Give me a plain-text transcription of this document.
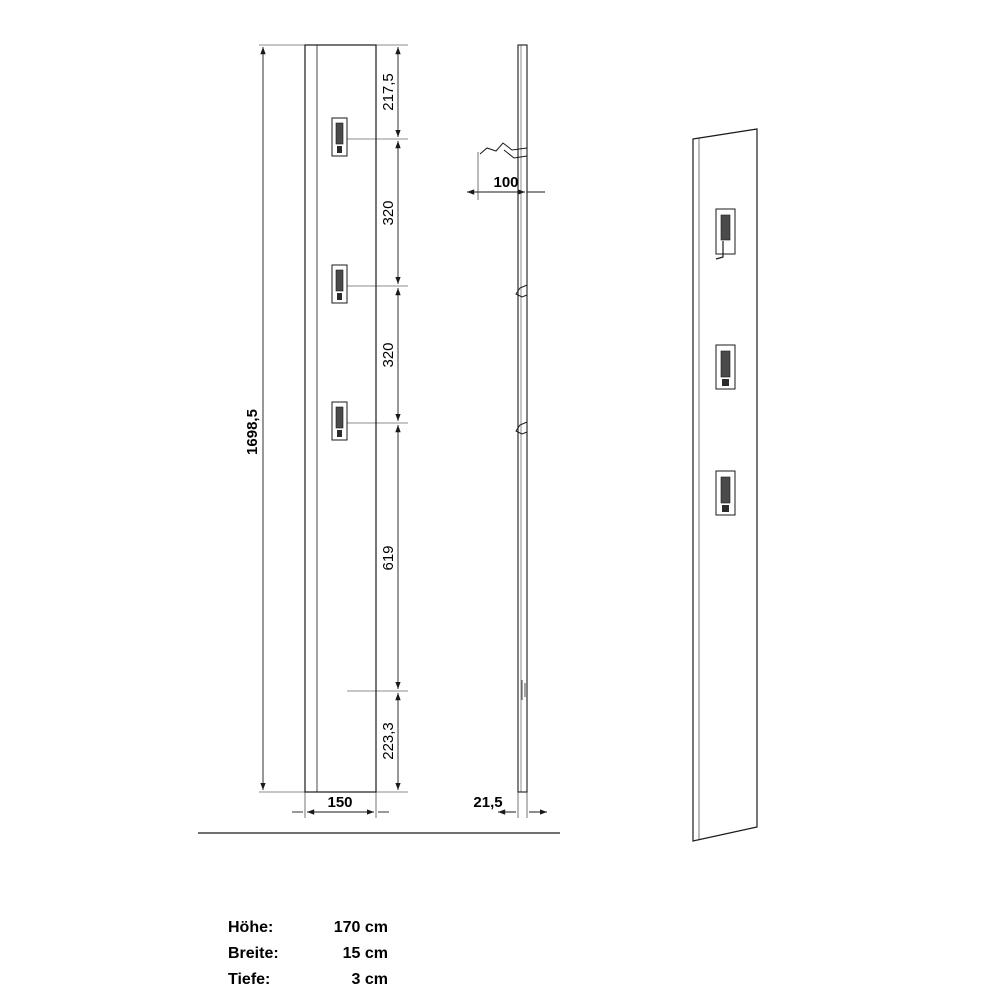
217,5
320
320
619
223,3
1698,5
150
100
21,5
Höhe:	170 cm
Breite:	15 cm
Tiefe:	3 cm
